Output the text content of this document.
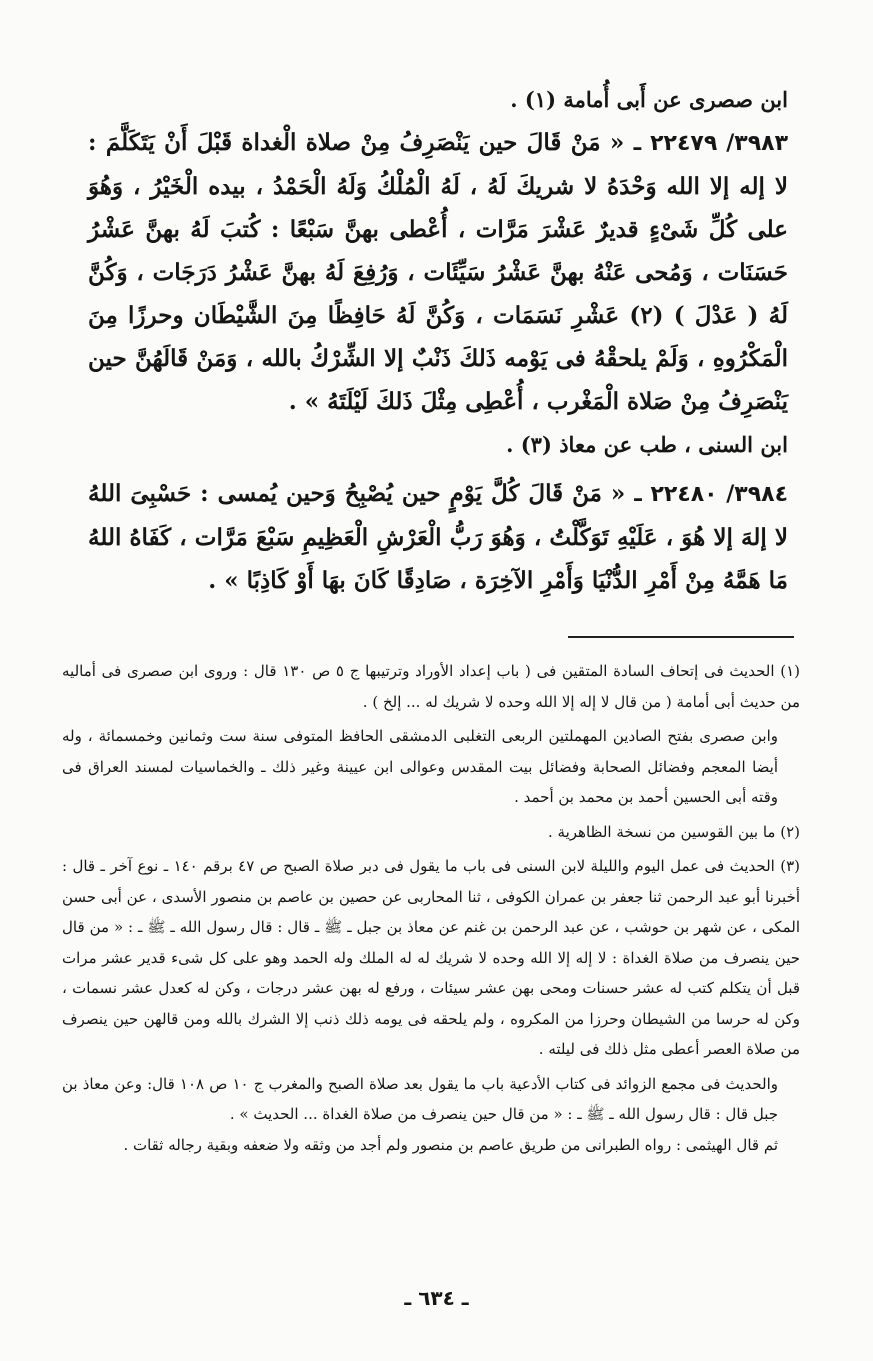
ابن صصرى عن أَبى أُمامة (١) .

٣٩٨٣/ ٢٢٤٧٩ ـ « مَنْ قَالَ حين يَنْصَرِفُ مِنْ صلاة الْغداة قَبْلَ أَنْ يَتَكَلَّمَ : لا إله إلا الله وَحْدَهُ لا شريكَ لَهُ ، لَهُ الْمُلْكُ وَلَهُ الْحَمْدُ ، بيده الْخَيْرُ ، وَهُوَ على كُلِّ شَىْءٍ قديرٌ عَشْرَ مَرَّات ، أُعْطى بهنَّ سَبْعًا : كُتبَ لَهُ بهنَّ عَشْرُ حَسَنَات ، وَمُحى عَنْهُ بهنَّ عَشْرُ سَيِّئَات ، وَرُفِعَ لَهُ بهنَّ عَشْرُ دَرَجَات ، وَكُنَّ لَهُ ( عَدْلَ ) (٢) عَشْرِ نَسَمَات ، وَكُنَّ لَهُ حَافِظًا مِنَ الشَّيْطَان وحرزًا مِنَ الْمَكْرُوهِ ، وَلَمْ يلحقْهُ فى يَوْمه ذَلكَ ذَنْبٌ إلا الشِّرْكُ بالله ، وَمَنْ قَالَهُنَّ حين يَنْصَرِفُ مِنْ صَلاة الْمَغْرب ، أُعْطِى مِثْلَ ذَلكَ لَيْلَتَهُ » .

ابن السنى ، طب عن معاذ (٣) .

٣٩٨٤/ ٢٢٤٨٠ ـ « مَنْ قَالَ كُلَّ يَوْمٍ حين يُصْبِحُ وَحين يُمسى : حَسْبِىَ اللهُ لا إلهَ إلا هُوَ ، عَلَيْهِ تَوَكَّلْتُ ، وَهُوَ رَبُّ الْعَرْشِ الْعَظِيمِ سَبْعَ مَرَّات ، كَفَاهُ اللهُ مَا هَمَّهُ مِنْ أَمْرِ الدُّنْيَا وَأَمْرِ الآخِرَة ، صَادِقًا كَانَ بهَا أَوْ كَاذِبًا » .

(١) الحديث فى إتحاف السادة المتقين فى ( باب إعداد الأوراد وترتيبها ج ٥ ص ١٣٠ قال : وروى ابن صصرى فى أماليه من حديث أبى أمامة ( من قال لا إله إلا الله وحده لا شريك له ... إلخ ) .

وابن صصرى بفتح الصادين المهملتين الربعى التغلبى الدمشقى الحافظ المتوفى سنة ست وثمانين وخمسمائة ، وله أيضا المعجم وفضائل الصحابة وفضائل بيت المقدس وعوالى ابن عيينة وغير ذلك ـ والخماسيات لمسند العراق فى وقته أبى الحسين أحمد بن محمد بن أحمد .

(٢) ما بين القوسين من نسخة الظاهرية .

(٣) الحديث فى عمل اليوم والليلة لابن السنى فى باب ما يقول فى دبر صلاة الصبح ص ٤٧ برقم ١٤٠ ـ نوع آخر ـ قال : أخبرنا أبو عبد الرحمن ثنا جعفر بن عمران الكوفى ، ثنا المحاربى عن حصين بن عاصم بن منصور الأسدى ، عن أبى حسن المكى ، عن شهر بن حوشب ، عن عبد الرحمن بن غنم عن معاذ بن جبل ـ ﷺ ـ قال : قال رسول الله ـ ﷺ ـ : « من قال حين ينصرف من صلاة الغداة : لا إله إلا الله وحده لا شريك له له الملك وله الحمد وهو على كل شىء قدير عشر مرات قبل أن يتكلم كتب له عشر حسنات ومحى بهن عشر سيئات ، ورفع له بهن عشر درجات ، وكن له كعدل عشر نسمات ، وكن له حرسا من الشيطان وحرزا من المكروه ، ولم يلحقه فى يومه ذلك ذنب إلا الشرك بالله ومن قالهن حين ينصرف من صلاة العصر أعطى مثل ذلك فى ليلته .

والحديث فى مجمع الزوائد فى كتاب الأدعية باب ما يقول بعد صلاة الصبح والمغرب ج ١٠ ص ١٠٨ قال: وعن معاذ بن جبل قال : قال رسول الله ـ ﷺ ـ : « من قال حين ينصرف من صلاة الغداة ... الحديث » .

ثم قال الهيثمى : رواه الطبرانى من طريق عاصم بن منصور ولم أجد من وثقه ولا ضعفه وبقية رجاله ثقات .

ـ ٦٣٤ ـ
